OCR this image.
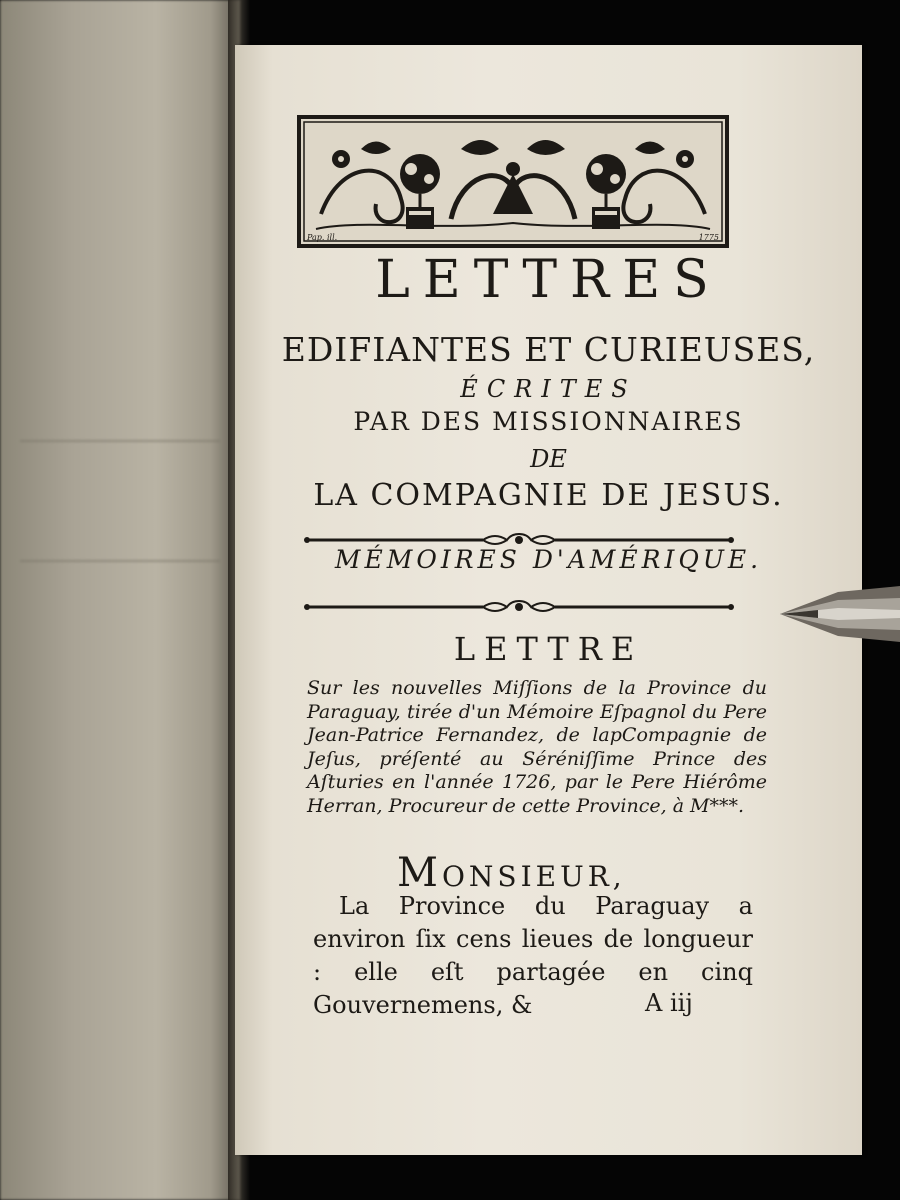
Pap. ill.	1775
LETTRES
EDIFIANTES ET CURIEUSES,
ÉCRITES
PAR DES MISSIONNAIRES
DE
LA COMPAGNIE DE JESUS.
MÉMOIRES D'AMÉRIQUE.
LETTRE

Sur les nouvelles Miſſions de la Province du Paraguay, tirée d'un Mémoire Eſpagnol du Pere Jean-Patrice Fernandez, de lapCompagnie de Jeſus, préſenté au Séréniſſime Prince des Aſturies en l'année 1726, par le Pere Hiérôme Herran, Procureur de cette Province, à M***.

MONSIEUR,

La Province du Paraguay a environ ſix cens lieues de longueur : elle eſt partagée en cinq Gouvernemens, &	A iij
